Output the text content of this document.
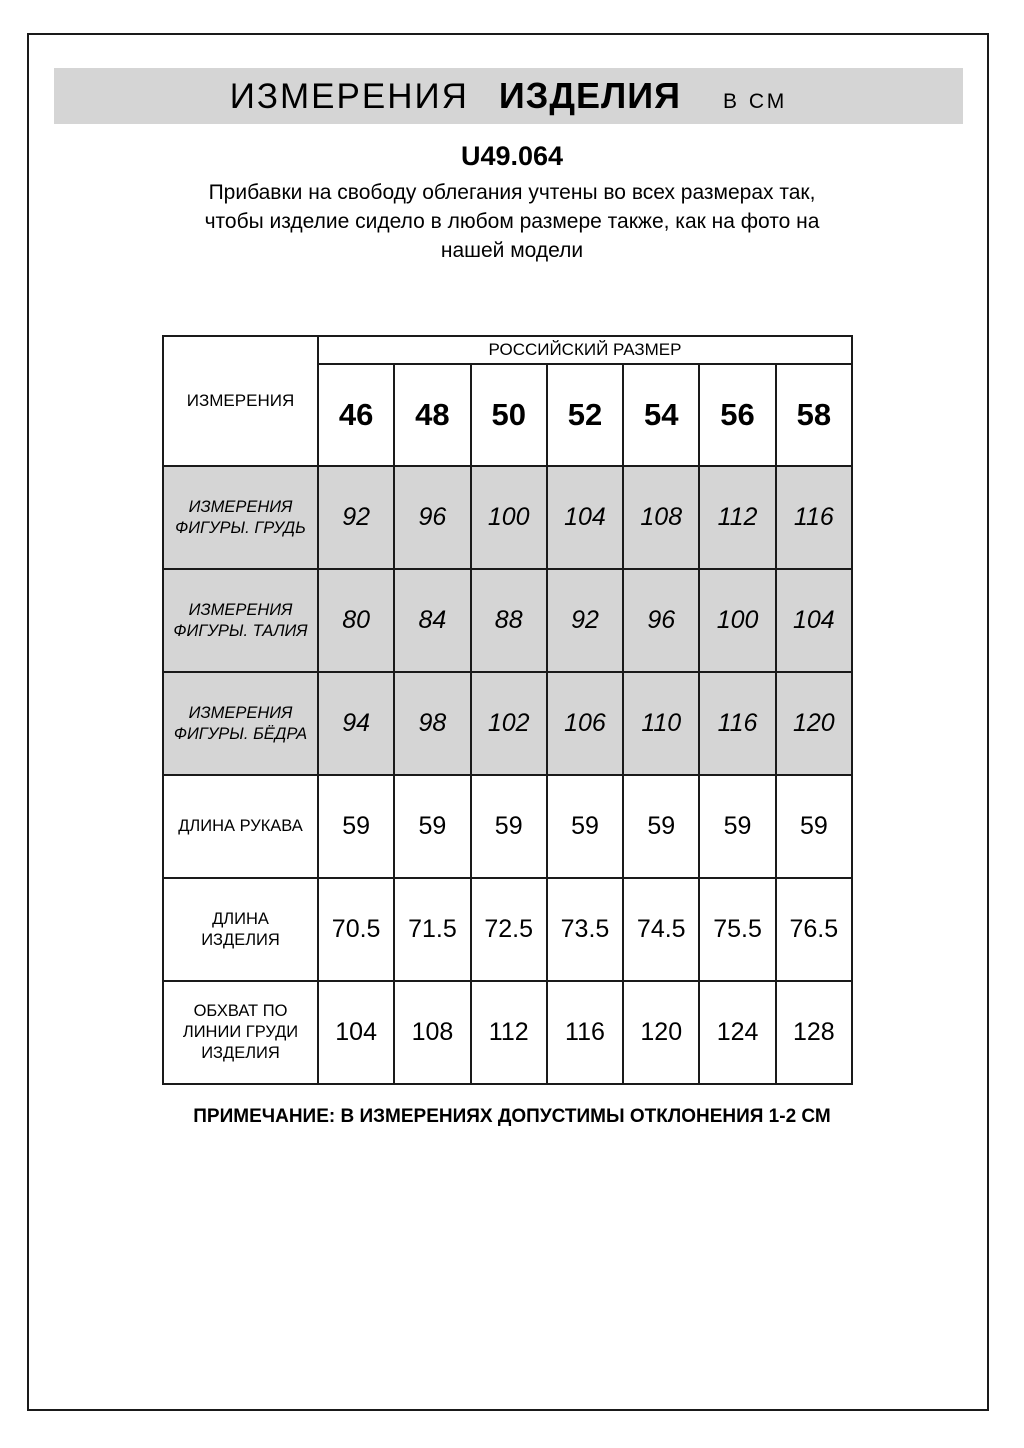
ИЗМЕРЕНИЯ ИЗДЕЛИЯ В СМ
U49.064
Прибавки на свободу облегания учтены во всех размерах так,
чтобы изделие сидело в любом размере также, как на фото на
нашей модели
ИЗМЕРЕНИЯ	РОССИЙСКИЙ РАЗМЕР						
	46	48	50	52	54	56	58
ИЗМЕРЕНИЯ ФИГУРЫ. ГРУДЬ	92	96	100	104	108	112	116
ИЗМЕРЕНИЯ ФИГУРЫ. ТАЛИЯ	80	84	88	92	96	100	104
ИЗМЕРЕНИЯ ФИГУРЫ. БЁДРА	94	98	102	106	110	116	120
ДЛИНА РУКАВА	59	59	59	59	59	59	59
ДЛИНА ИЗДЕЛИЯ	70.5	71.5	72.5	73.5	74.5	75.5	76.5
ОБХВАТ ПО ЛИНИИ ГРУДИ ИЗДЕЛИЯ	104	108	112	116	120	124	128
ПРИМЕЧАНИЕ: В ИЗМЕРЕНИЯХ ДОПУСТИМЫ ОТКЛОНЕНИЯ 1-2 СМ
